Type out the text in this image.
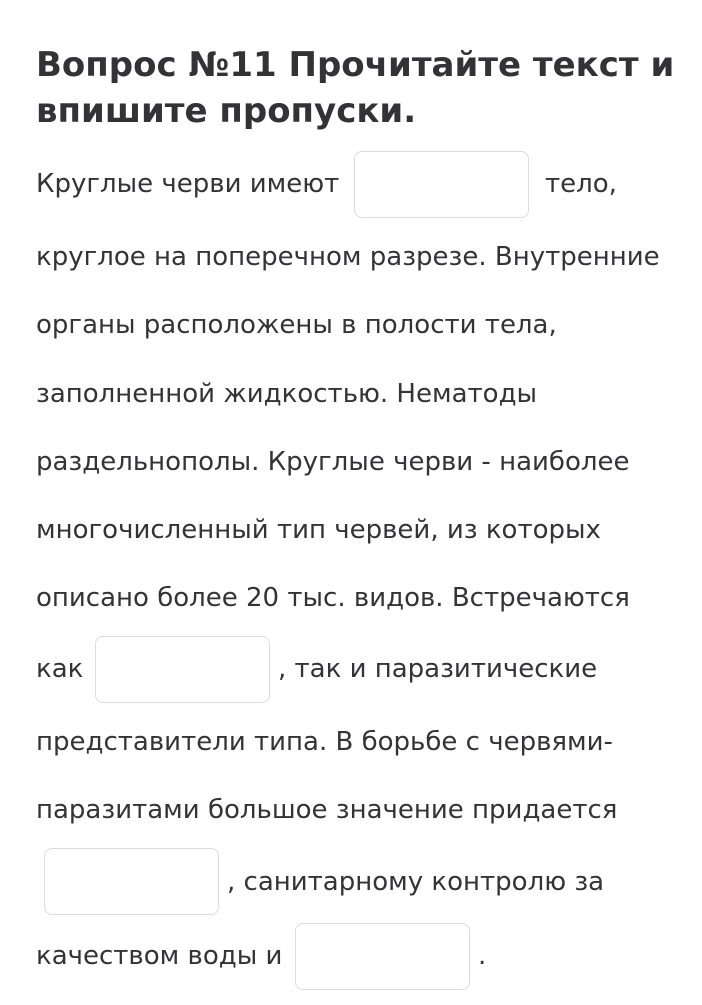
Вопрос №11 Прочитайте текст и впишите пропуски.
Круглые черви имеют	тело,
круглое на поперечном разрезе. Внутренние
органы расположены в полости тела,
заполненной жидкостью. Нематоды
раздельнополы. Круглые черви - наиболее
многочисленный тип червей, из которых
описано более 20 тыс. видов. Встречаются
как	, так и паразитические
представители типа. В борьбе с червями-
паразитами большое значение придается
, санитарному контролю за
качеством воды и	.
